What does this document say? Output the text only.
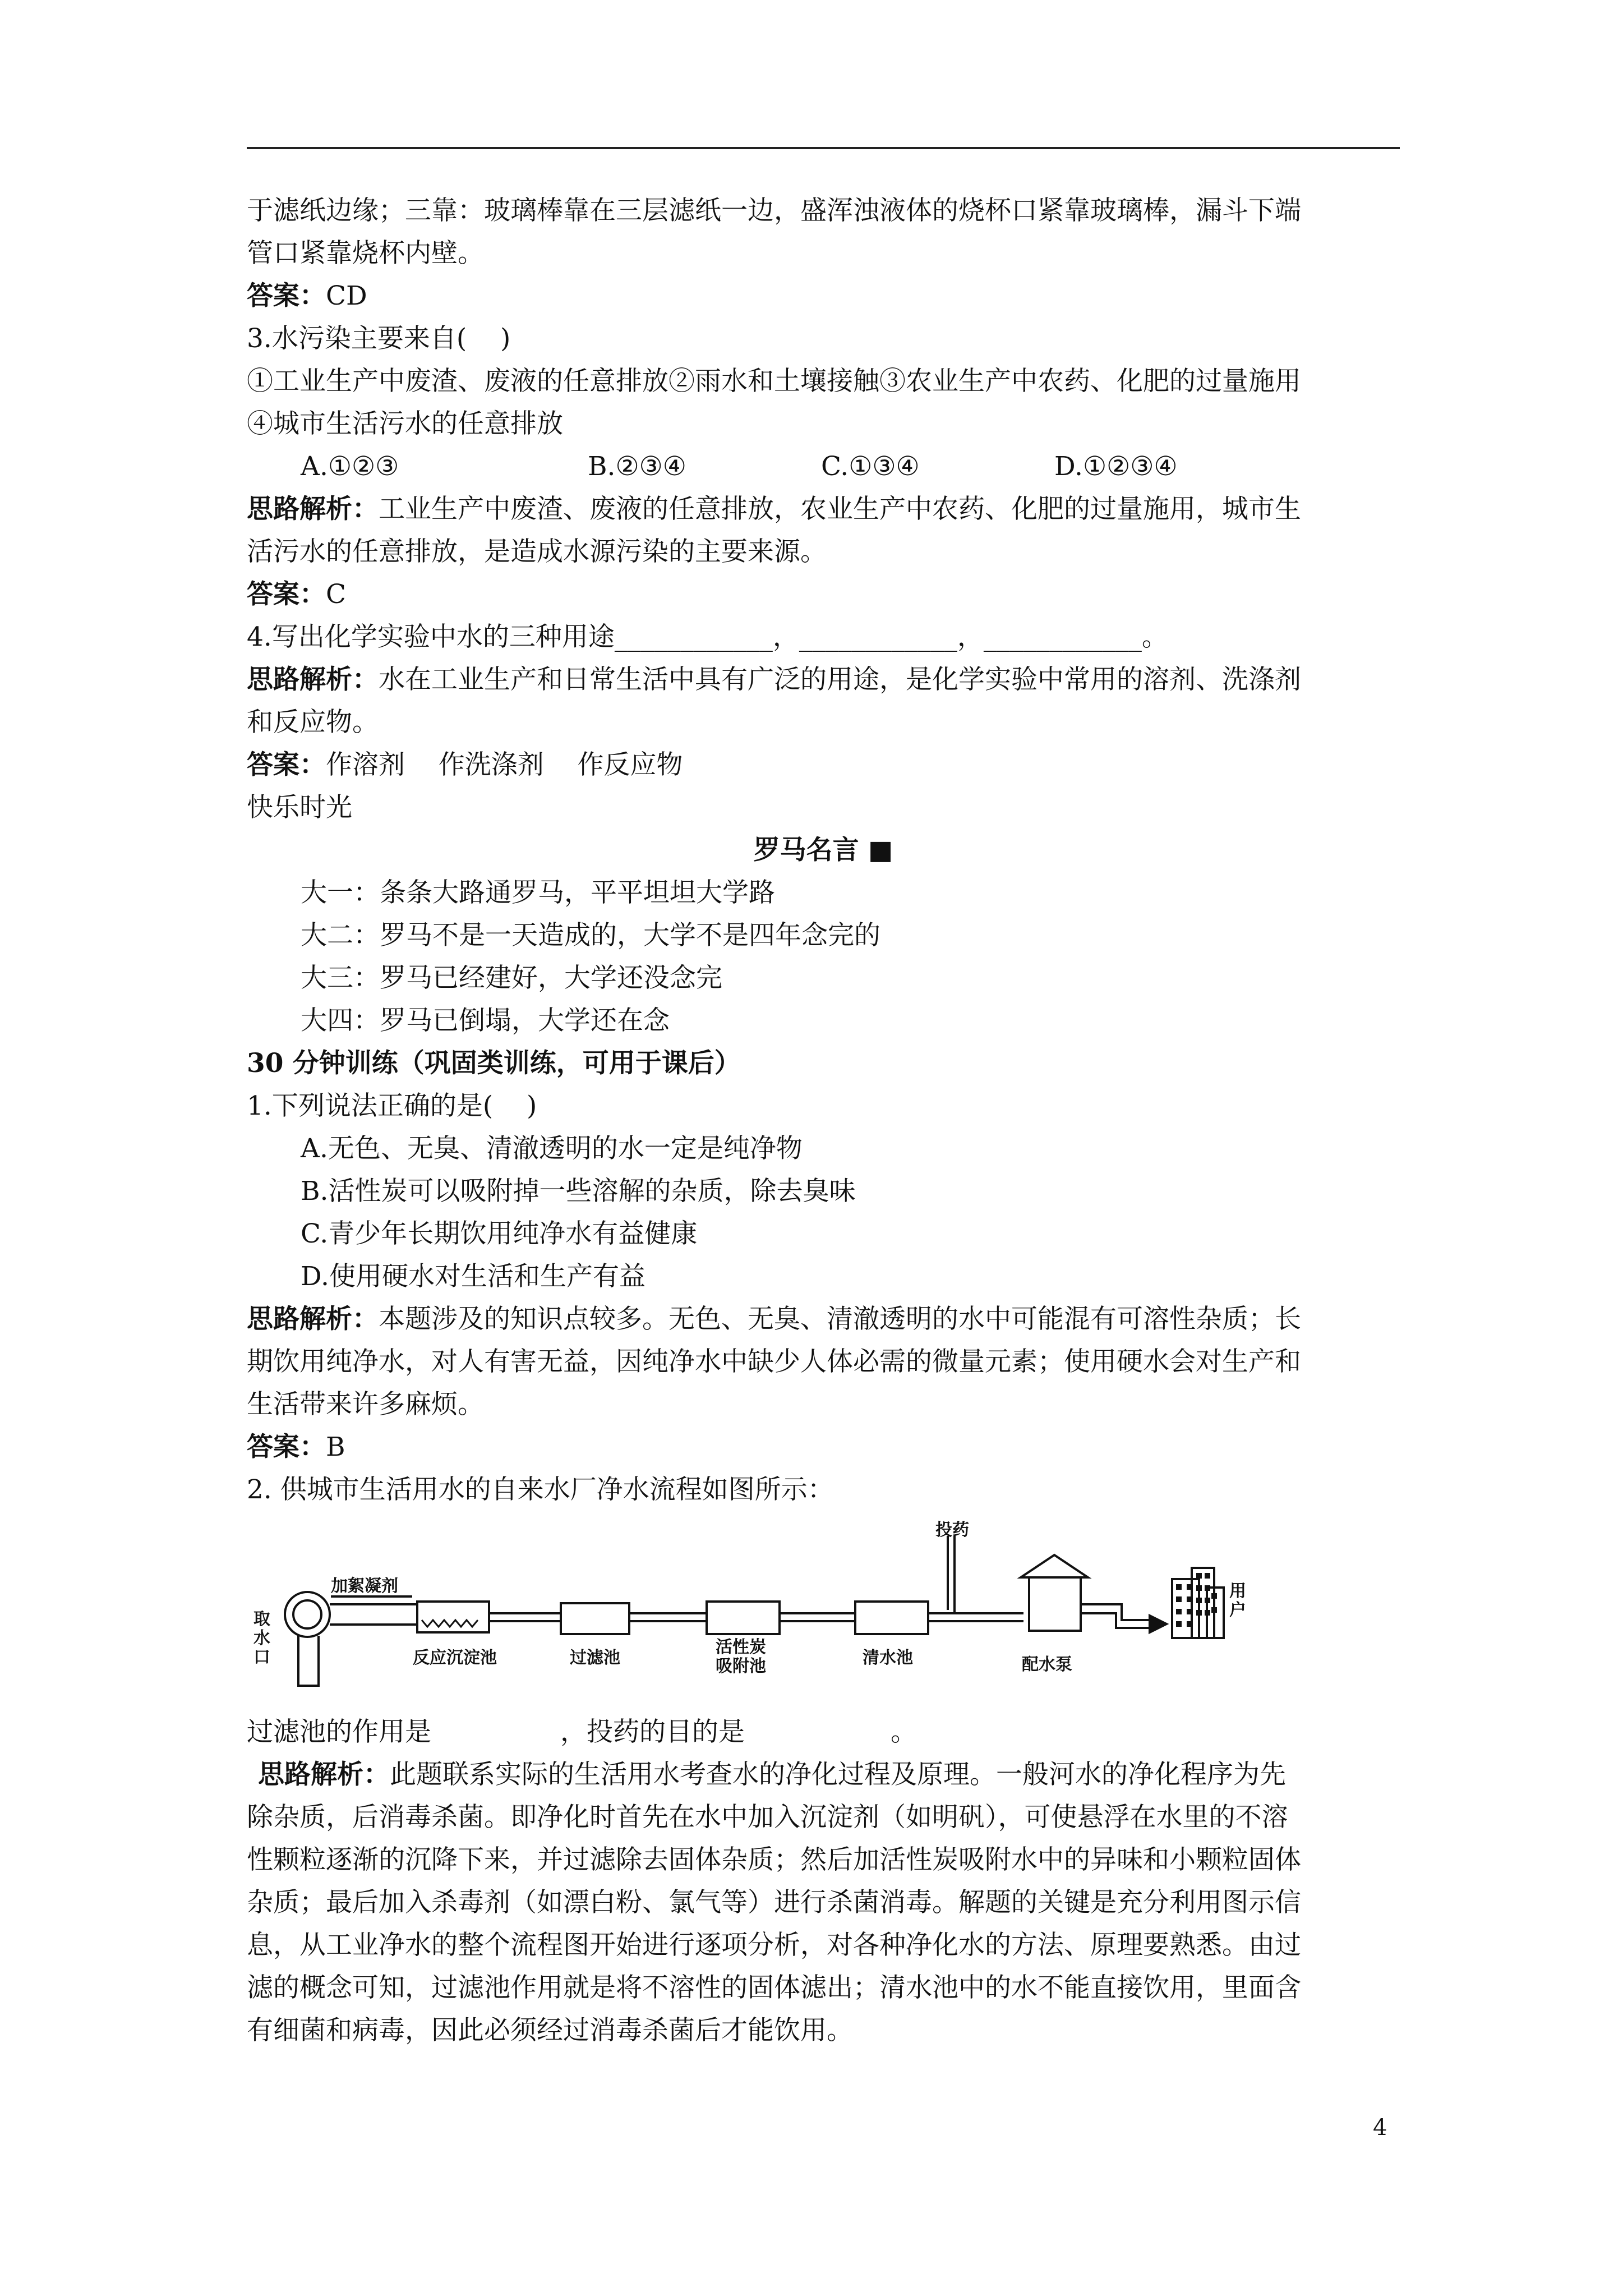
于滤纸边缘；三靠：玻璃棒靠在三层滤纸一边，盛浑浊液体的烧杯口紧靠玻璃棒，漏斗下端

管口紧靠烧杯内壁。

答案：CD

3.水污染主要来自(    )

①工业生产中废渣、废液的任意排放②雨水和土壤接触③农业生产中农药、化肥的过量施用

④城市生活污水的任意排放

A.①②③	B.②③④	C.①③④	D.①②③④

思路解析：工业生产中废渣、废液的任意排放，农业生产中农药、化肥的过量施用，城市生

活污水的任意排放，是造成水源污染的主要来源。

答案：C

4.写出化学实验中水的三种用途____________，____________，____________。

思路解析：水在工业生产和日常生活中具有广泛的用途，是化学实验中常用的溶剂、洗涤剂

和反应物。

答案：作溶剂    作洗涤剂    作反应物

快乐时光

罗马名言 ■

大一：条条大路通罗马，平平坦坦大学路

大二：罗马不是一天造成的，大学不是四年念完的

大三：罗马已经建好，大学还没念完

大四：罗马已倒塌，大学还在念

30 分钟训练（巩固类训练，可用于课后）

1.下列说法正确的是(    )

A.无色、无臭、清澈透明的水一定是纯净物

B.活性炭可以吸附掉一些溶解的杂质，除去臭味

C.青少年长期饮用纯净水有益健康

D.使用硬水对生活和生产有益

思路解析：本题涉及的知识点较多。无色、无臭、清澈透明的水中可能混有可溶性杂质；长

期饮用纯净水，对人有害无益，因纯净水中缺少人体必需的微量元素；使用硬水会对生产和

生活带来许多麻烦。

答案：B

2. 供城市生活用水的自来水厂净水流程如图所示：

加絮凝剂
取水口	反应沉淀池	过滤池
活性炭吸附池	清水池
投药
配水泵
用户

过滤池的作用是	，投药的目的是	。

思路解析：此题联系实际的生活用水考查水的净化过程及原理。一般河水的净化程序为先

除杂质，后消毒杀菌。即净化时首先在水中加入沉淀剂（如明矾），可使悬浮在水里的不溶

性颗粒逐渐的沉降下来，并过滤除去固体杂质；然后加活性炭吸附水中的异味和小颗粒固体

杂质；最后加入杀毒剂（如漂白粉、氯气等）进行杀菌消毒。解题的关键是充分利用图示信

息，从工业净水的整个流程图开始进行逐项分析，对各种净化水的方法、原理要熟悉。由过

滤的概念可知，过滤池作用就是将不溶性的固体滤出；清水池中的水不能直接饮用，里面含

有细菌和病毒，因此必须经过消毒杀菌后才能饮用。

4
